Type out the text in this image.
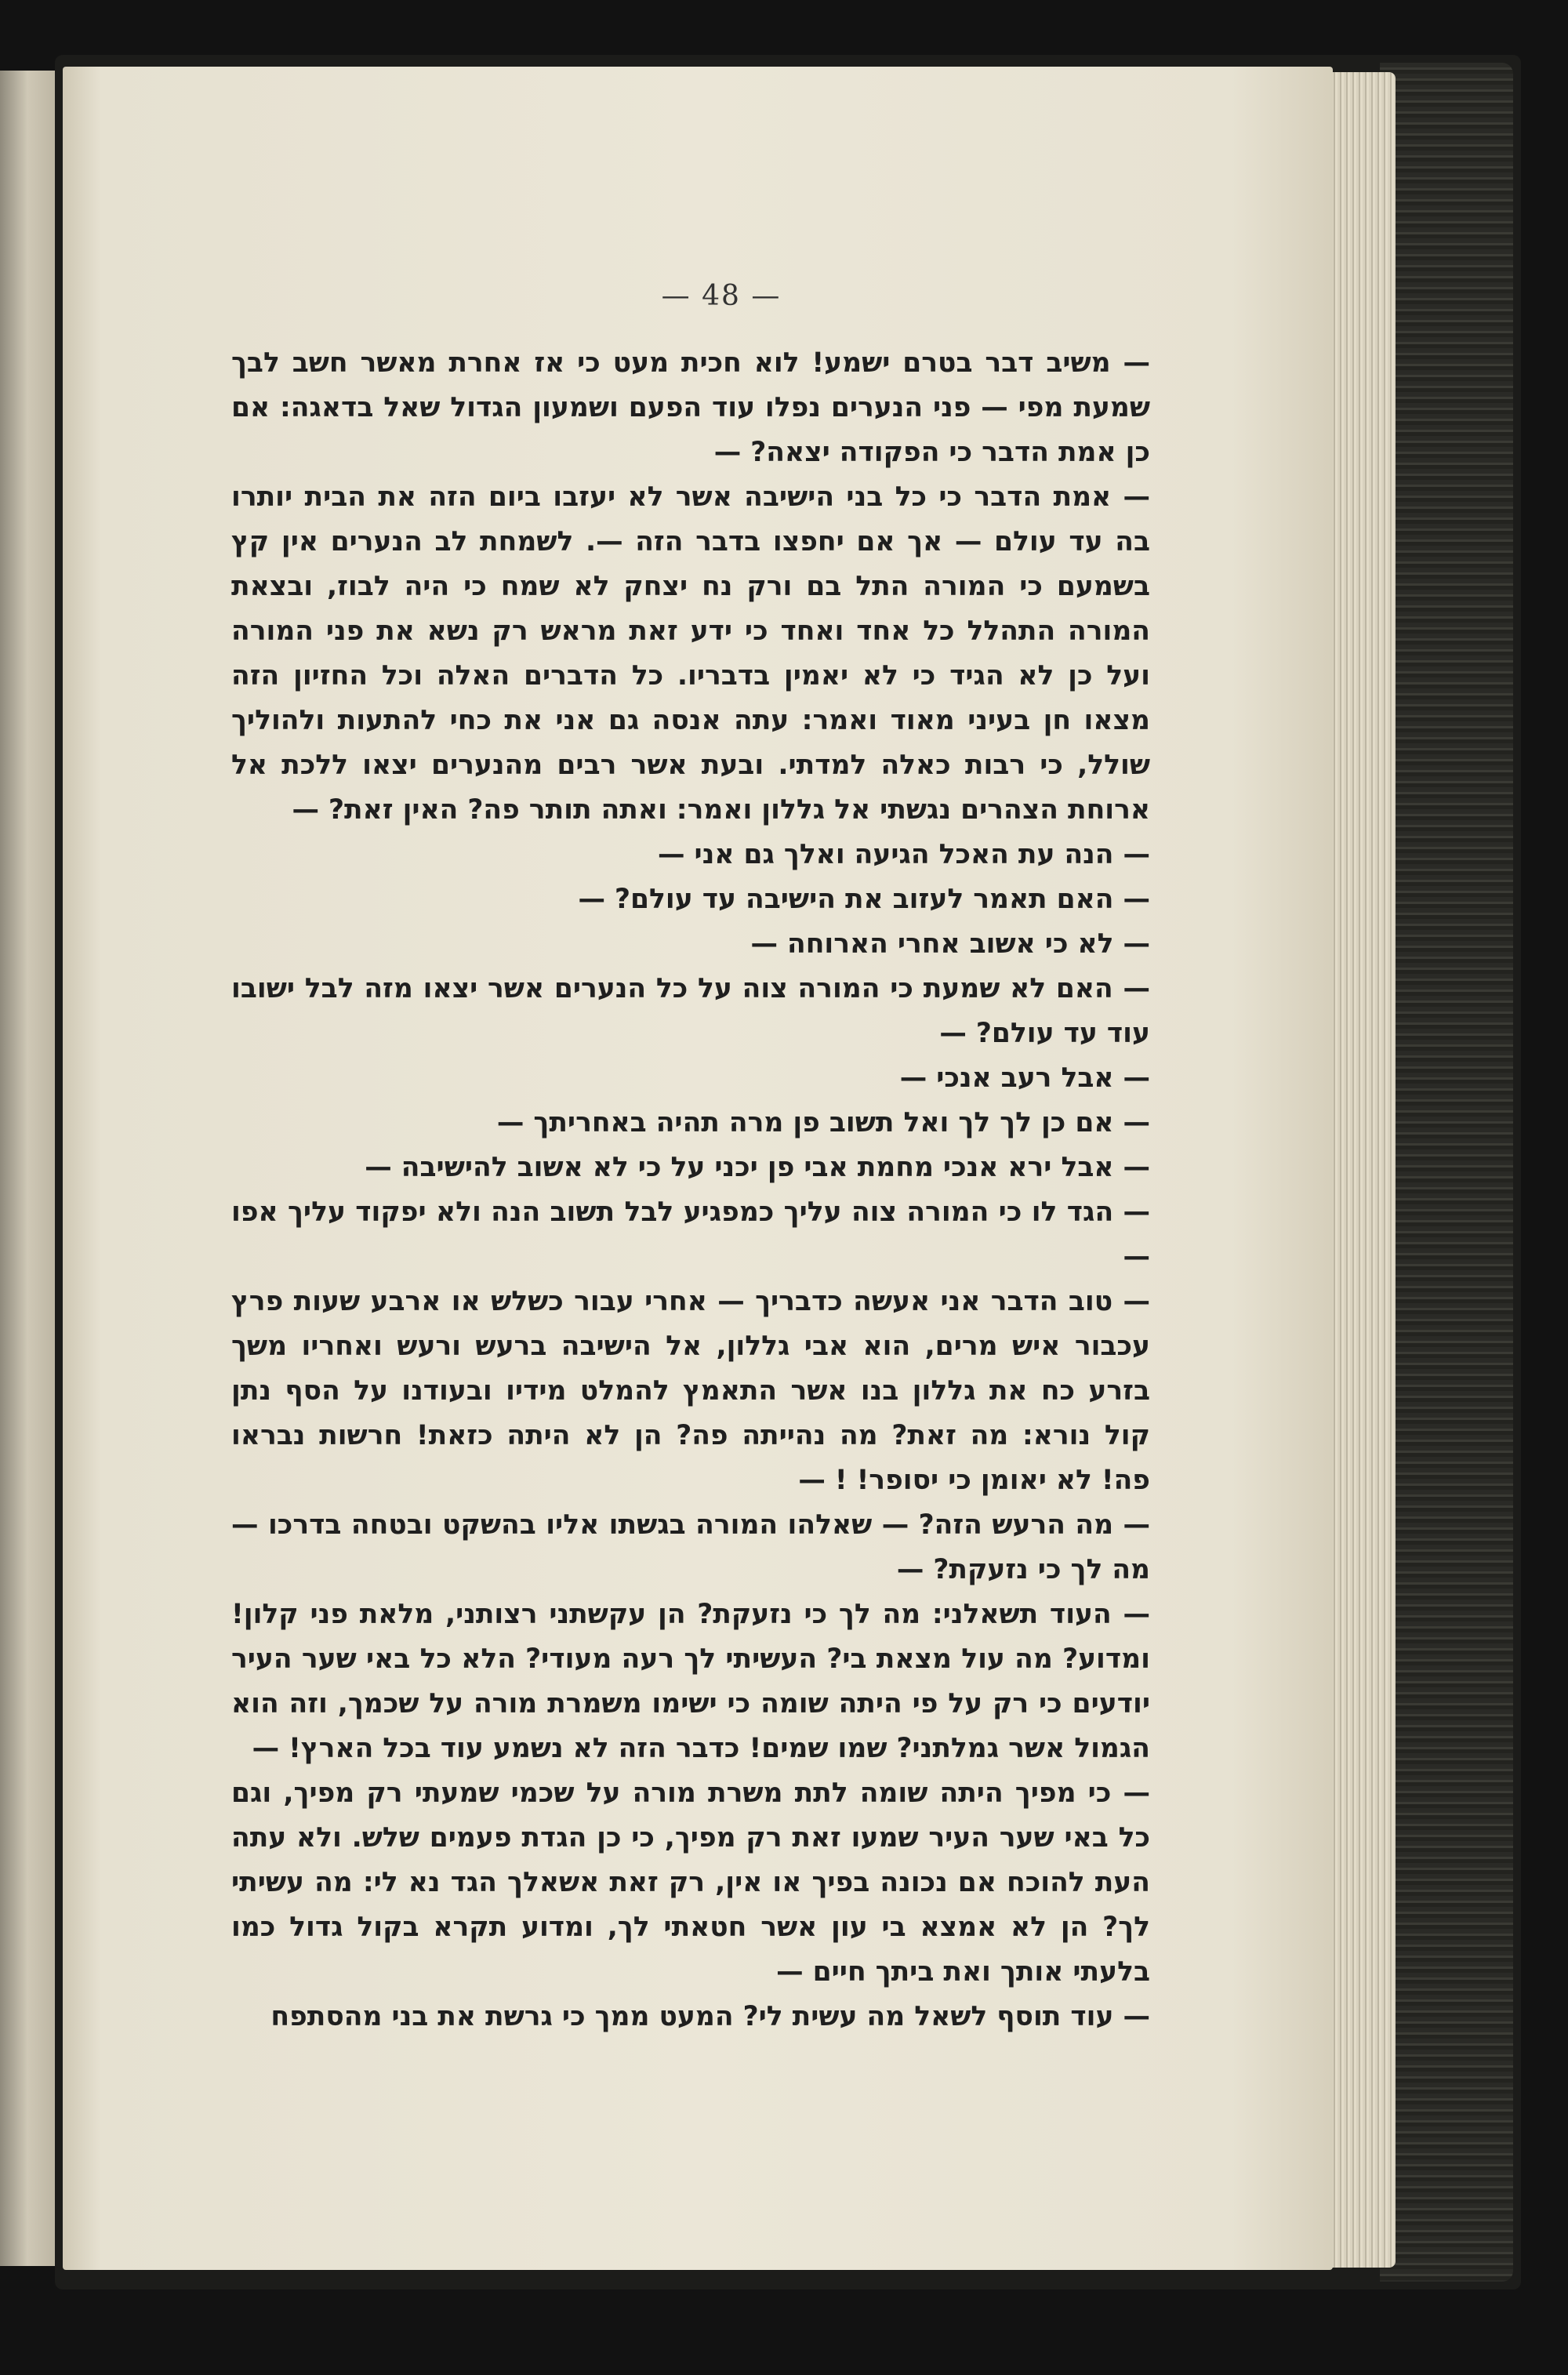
— 48 —

— משיב דבר בטרם ישמע! לוא חכית מעט כי אז אחרת מאשר חשב לבך שמעת מפי — פני הנערים נפלו עוד הפעם ושמעון הגדול שאל בדאגה: אם כן אמת הדבר כי הפקודה יצאה? —

— אמת הדבר כי כל בני הישיבה אשר לא יעזבו ביום הזה את הבית יותרו בה עד עולם — אך אם יחפצו בדבר הזה —. לשמחת לב הנערים אין קץ בשמעם כי המורה התל בם ורק נח יצחק לא שמח כי היה לבוז, ובצאת המורה התהלל כל אחד ואחד כי ידע זאת מראש רק נשא את פני המורה ועל כן לא הגיד כי לא יאמין בדבריו. כל הדברים האלה וכל החזיון הזה מצאו חן בעיני מאוד ואמר: עתה אנסה גם אני את כחי להתעות ולהוליך שולל, כי רבות כאלה למדתי. ובעת אשר רבים מהנערים יצאו ללכת אל ארוחת הצהרים נגשתי אל גללון ואמר: ואתה תותר פה? האין זאת? —

— הנה עת האכל הגיעה ואלך גם אני —

— האם תאמר לעזוב את הישיבה עד עולם? —

— לא כי אשוב אחרי הארוחה —

— האם לא שמעת כי המורה צוה על כל הנערים אשר יצאו מזה לבל ישובו עוד עד עולם? —

— אבל רעב אנכי —

— אם כן לך לך ואל תשוב פן מרה תהיה באחריתך —

— אבל ירא אנכי מחמת אבי פן יכני על כי לא אשוב להישיבה —

— הגד לו כי המורה צוה עליך כמפגיע לבל תשוב הנה ולא יפקוד עליך אפו —

— טוב הדבר אני אעשה כדבריך — אחרי עבור כשלש או ארבע שעות פרץ עכבור איש מרים, הוא אבי גללון, אל הישיבה ברעש ורעש ואחריו משך בזרע כח את גללון בנו אשר התאמץ להמלט מידיו ובעודנו על הסף נתן קול נורא: מה זאת? מה נהייתה פה? הן לא היתה כזאת! חרשות נבראו פה! לא יאומן כי יסופר! ! —

— מה הרעש הזה? — שאלהו המורה בגשתו אליו בהשקט ובטחה בדרכו — מה לך כי נזעקת? —

— העוד תשאלני: מה לך כי נזעקת? הן עקשתני רצותני, מלאת פני קלון! ומדוע? מה עול מצאת בי? העשיתי לך רעה מעודי? הלא כל באי שער העיר יודעים כי רק על פי היתה שומה כי ישימו משמרת מורה על שכמך, וזה הוא הגמול אשר גמלתני? שמו שמים! כדבר הזה לא נשמע עוד בכל הארץ! —

— כי מפיך היתה שומה לתת משרת מורה על שכמי שמעתי רק מפיך, וגם כל באי שער העיר שמעו זאת רק מפיך, כי כן הגדת פעמים שלש. ולא עתה העת להוכח אם נכונה בפיך או אין, רק זאת אשאלך הגד נא לי: מה עשיתי לך? הן לא אמצא בי עון אשר חטאתי לך, ומדוע תקרא בקול גדול כמו בלעתי אותך ואת ביתך חיים —

— עוד תוסף לשאל מה עשית לי? המעט ממך כי גרשת את בני מהסתפח
